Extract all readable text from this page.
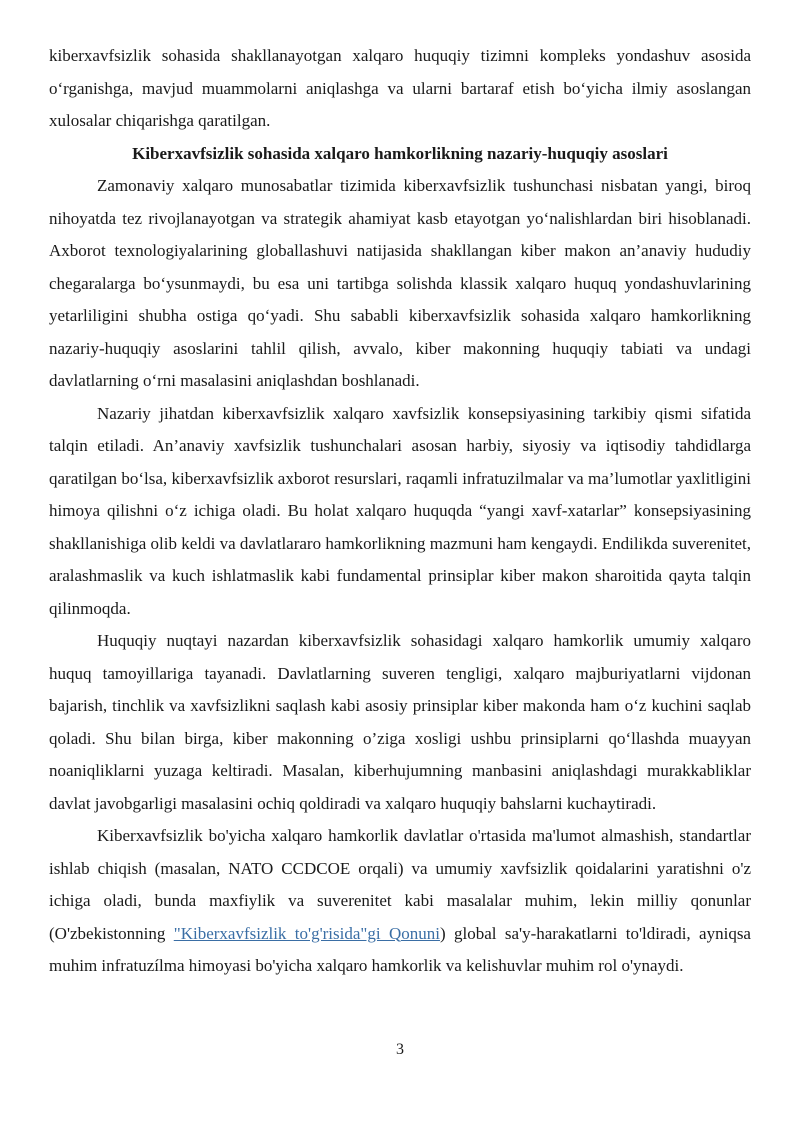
kiberxavfsizlik sohasida shakllanayotgan xalqaro huquqiy tizimni kompleks yondashuv asosida o‘rganishga, mavjud muammolarni aniqlashga va ularni bartaraf etish bo‘yicha ilmiy asoslangan xulosalar chiqarishga qaratilgan.

Kiberxavfsizlik sohasida xalqaro hamkorlikning nazariy-huquqiy asoslari

Zamonaviy xalqaro munosabatlar tizimida kiberxavfsizlik tushunchasi nisbatan yangi, biroq nihoyatda tez rivojlanayotgan va strategik ahamiyat kasb etayotgan yo‘nalishlardan biri hisoblanadi. Axborot texnologiyalarining globallashuvi natijasida shakllangan kiber makon an’anaviy hududiy chegaralarga bo‘ysunmaydi, bu esa uni tartibga solishda klassik xalqaro huquq yondashuvlarining yetarliligini shubha ostiga qo‘yadi. Shu sababli kiberxavfsizlik sohasida xalqaro hamkorlikning nazariy-huquqiy asoslarini tahlil qilish, avvalo, kiber makonning huquqiy tabiati va undagi davlatlarning o‘rni masalasini aniqlashdan boshlanadi.

Nazariy jihatdan kiberxavfsizlik xalqaro xavfsizlik konsepsiyasining tarkibiy qismi sifatida talqin etiladi. An’anaviy xavfsizlik tushunchalari asosan harbiy, siyosiy va iqtisodiy tahdidlarga qaratilgan bo‘lsa, kiberxavfsizlik axborot resurslari, raqamli infratuzilmalar va ma’lumotlar yaxlitligini himoya qilishni o‘z ichiga oladi. Bu holat xalqaro huquqda “yangi xavf-xatarlar” konsepsiyasining shakllanishiga olib keldi va davlatlararo hamkorlikning mazmuni ham kengaydi. Endilikda suverenitet, aralashmaslik va kuch ishlatmaslik kabi fundamental prinsiplar kiber makon sharoitida qayta talqin qilinmoqda.

Huquqiy nuqtayi nazardan kiberxavfsizlik sohasidagi xalqaro hamkorlik umumiy xalqaro huquq tamoyillariga tayanadi. Davlatlarning suveren tengligi, xalqaro majburiyatlarni vijdonan bajarish, tinchlik va xavfsizlikni saqlash kabi asosiy prinsiplar kiber makonda ham o‘z kuchini saqlab qoladi. Shu bilan birga, kiber makonning o’ziga xosligi ushbu prinsiplarni qo‘llashda muayyan noaniqliklarni yuzaga keltiradi. Masalan, kiberhujumning manbasini aniqlashdagi murakkabliklar davlat javobgarligi masalasini ochiq qoldiradi va xalqaro huquqiy bahslarni kuchaytiradi.

Kiberxavfsizlik bo'yicha xalqaro hamkorlik davlatlar o'rtasida ma'lumot almashish, standartlar ishlab chiqish (masalan, NATO CCDCOE orqali) va umumiy xavfsizlik qoidalarini yaratishni o'z ichiga oladi, bunda maxfiylik va suverenitet kabi masalalar muhim, lekin milliy qonunlar (O'zbekistonning "Kiberxavfsizlik to'g'risida"gi Qonuni) global sa'y-harakatlarni to'ldiradi, ayniqsa muhim infratuzílma himoyasi bo'yicha xalqaro hamkorlik va kelishuvlar muhim rol o'ynaydi.

3
